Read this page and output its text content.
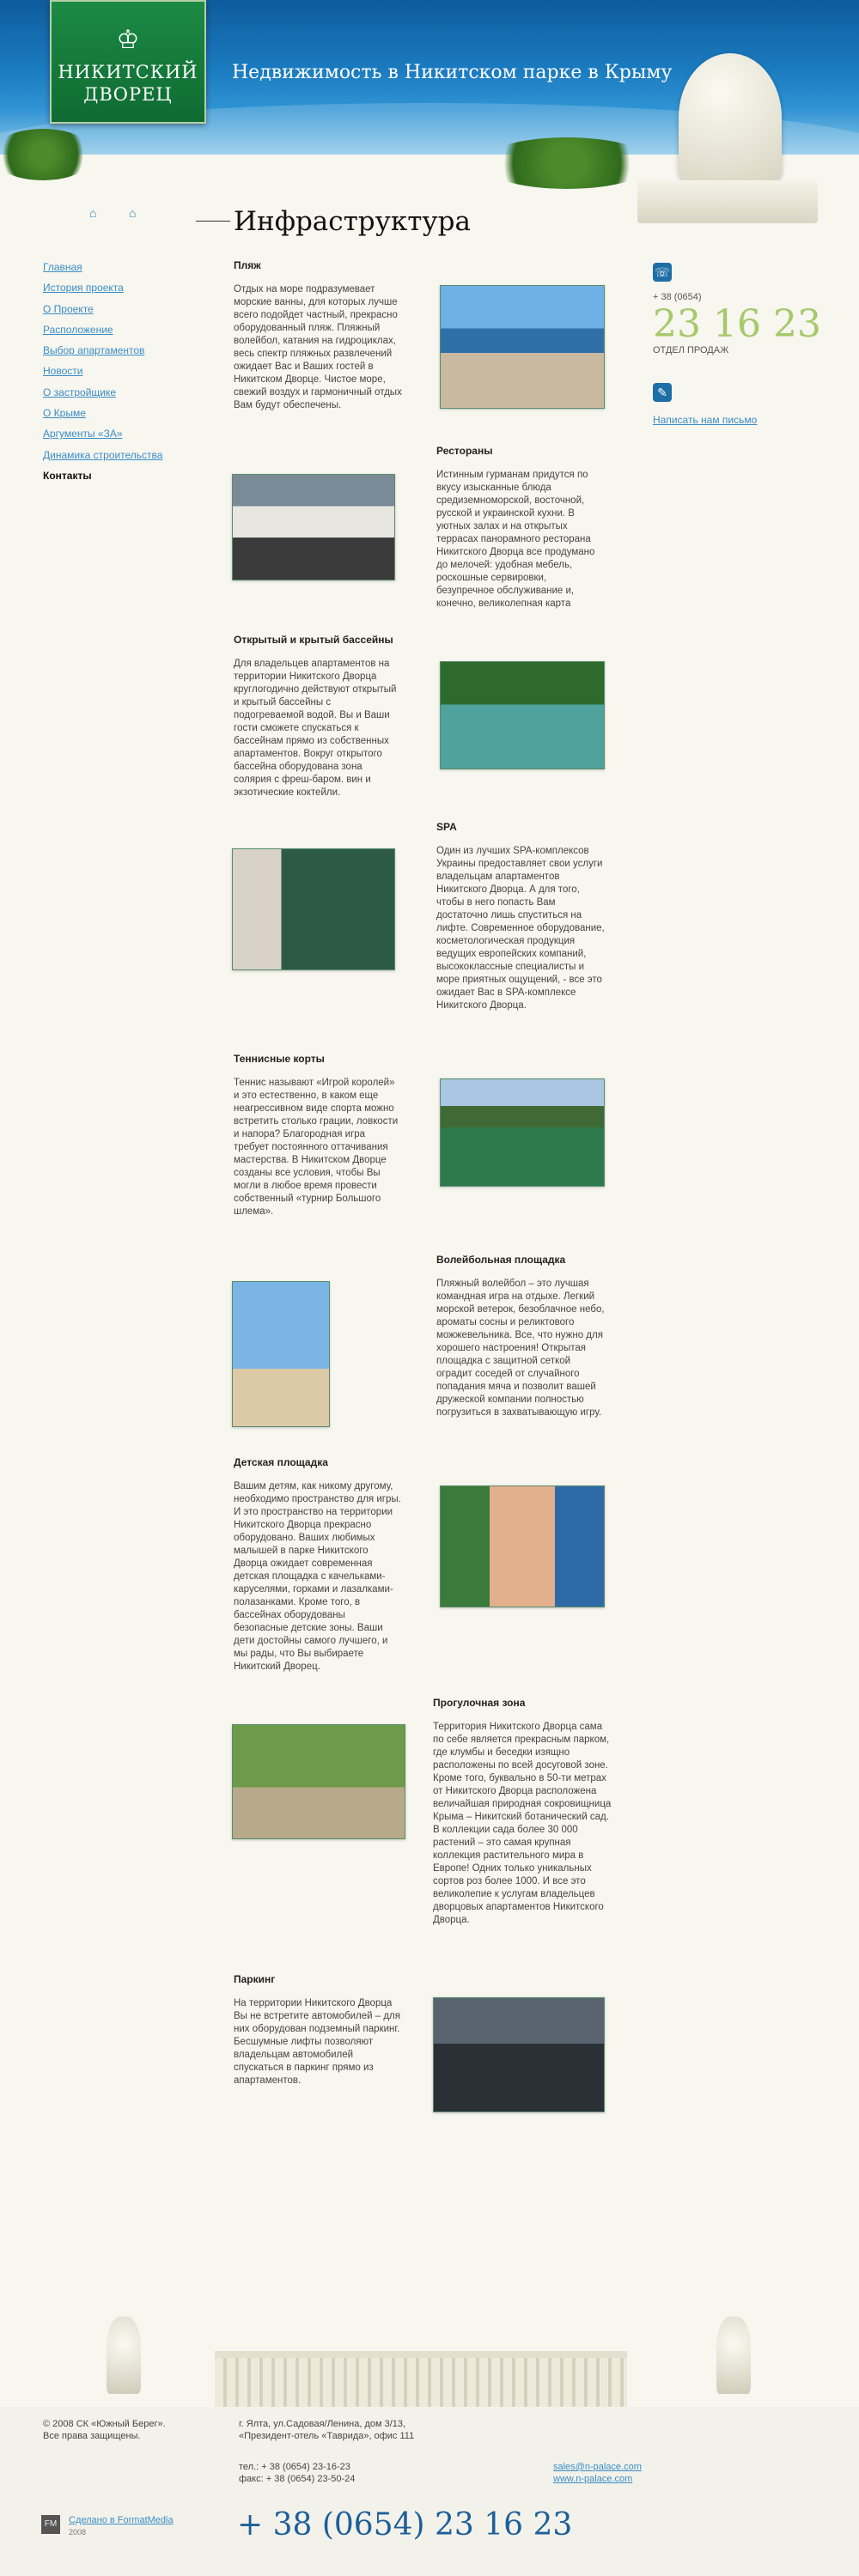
♔
НИКИТСКИЙ
ДВОРЕЦ
Недвижимость в Никитском парке в Крыму
⌂	⌂	Инфраструктура
Главная
История проекта
О Проекте
Расположение
Выбор апартаментов
Новости
О застройщике
О Крыме
Аргументы «ЗА»
Динамика строительства
Контакты
☏
+ 38 (0654)
23 16 23
ОТДЕЛ ПРОДАЖ
✎
Написать нам письмо
Пляж
Отдых на море подразумевает морские ванны, для которых лучше всего подойдет частный, прекрасно оборудованный пляж. Пляжный волейбол, катания на гидроциклах, весь спектр пляжных развлечений ожидает Вас и Ваших гостей в Никитском Дворце. Чистое море, свежий воздух и гармоничный отдых Вам будут обеспечены.
Рестораны
Истинным гурманам придутся по вкусу изысканные блюда средиземноморской, восточной, русской и украинской кухни. В уютных залах и на открытых террасах панорамного ресторана Никитского Дворца все продумано до мелочей: удобная мебель, роскошные сервировки, безупречное обслуживание и, конечно, великолепная карта
Открытый и крытый бассейны
Для владельцев апартаментов на территории Никитского Дворца круглогодично действуют открытый и крытый бассейны с подогреваемой водой. Вы и Ваши гости сможете спускаться к бассейнам прямо из собственных апартаментов. Вокруг открытого бассейна оборудована зона солярия с фреш-баром. вин и экзотические коктейли.
SPA
Один из лучших SPA-комплексов Украины предоставляет свои услуги владельцам апартаментов Никитского Дворца. А для того, чтобы в него попасть Вам достаточно лишь спуститься на лифте. Современное оборудование, косметологическая продукция ведущих европейских компаний, высококлассные специалисты и море приятных ощущений, - все это ожидает Вас в SPA-комплексе Никитского Дворца.
Теннисные корты
Теннис называют «Игрой королей» и это естественно, в каком еще неагрессивном виде спорта можно встретить столько грации, ловкости и напора? Благородная игра требует постоянного оттачивания мастерства. В Никитском Дворце созданы все условия, чтобы Вы могли в любое время провести собственный «турнир Большого шлема».
Волейбольная площадка
Пляжный волейбол – это лучшая командная игра на отдыхе. Легкий морской ветерок, безоблачное небо, ароматы сосны и реликтового можжевельника. Все, что нужно для хорошего настроения! Открытая площадка с защитной сеткой оградит соседей от случайного попадания мяча и позволит вашей дружеской компании полностью погрузиться в захватывающую игру.
Детская площадка
Вашим детям, как никому другому, необходимо пространство для игры. И это пространство на территории Никитского Дворца прекрасно оборудовано. Ваших любимых малышей в парке Никитского Дворца ожидает современная детская площадка с качельками-каруселями, горками и лазалками-полазанками. Кроме того, в бассейнах оборудованы безопасные детские зоны. Ваши дети достойны самого лучшего, и мы рады, что Вы выбираете Никитский Дворец.
Прогулочная зона
Территория Никитского Дворца сама по себе является прекрасным парком, где клумбы и беседки изящно расположены по всей досуговой зоне. Кроме того, буквально в 50-ти метрах от Никитского Дворца расположена величайшая природная сокровищница Крыма – Никитский ботанический сад. В коллекции сада более 30 000 растений – это самая крупная коллекция растительного мира в Европе! Одних только уникальных сортов роз более 1000. И все это великолепие к услугам владельцев дворцовых апартаментов Никитского Дворца.
Паркинг
На территории Никитского Дворца Вы не встретите автомобилей – для них оборудован подземный паркинг. Бесшумные лифты позволяют владельцам автомобилей спускаться в паркинг прямо из апартаментов.
© 2008 СК «Южный Берег».
Все права защищены.
г. Ялта, ул.Садовая/Ленина, дом 3/13,
«Президент-отель «Таврида», офис 111
тел.: + 38 (0654) 23-16-23
факс: + 38 (0654) 23-50-24
sales@n-palace.com
www.n-palace.com
FM	Сделано в FormatMedia
2008	+ 38 (0654) 23 16 23
